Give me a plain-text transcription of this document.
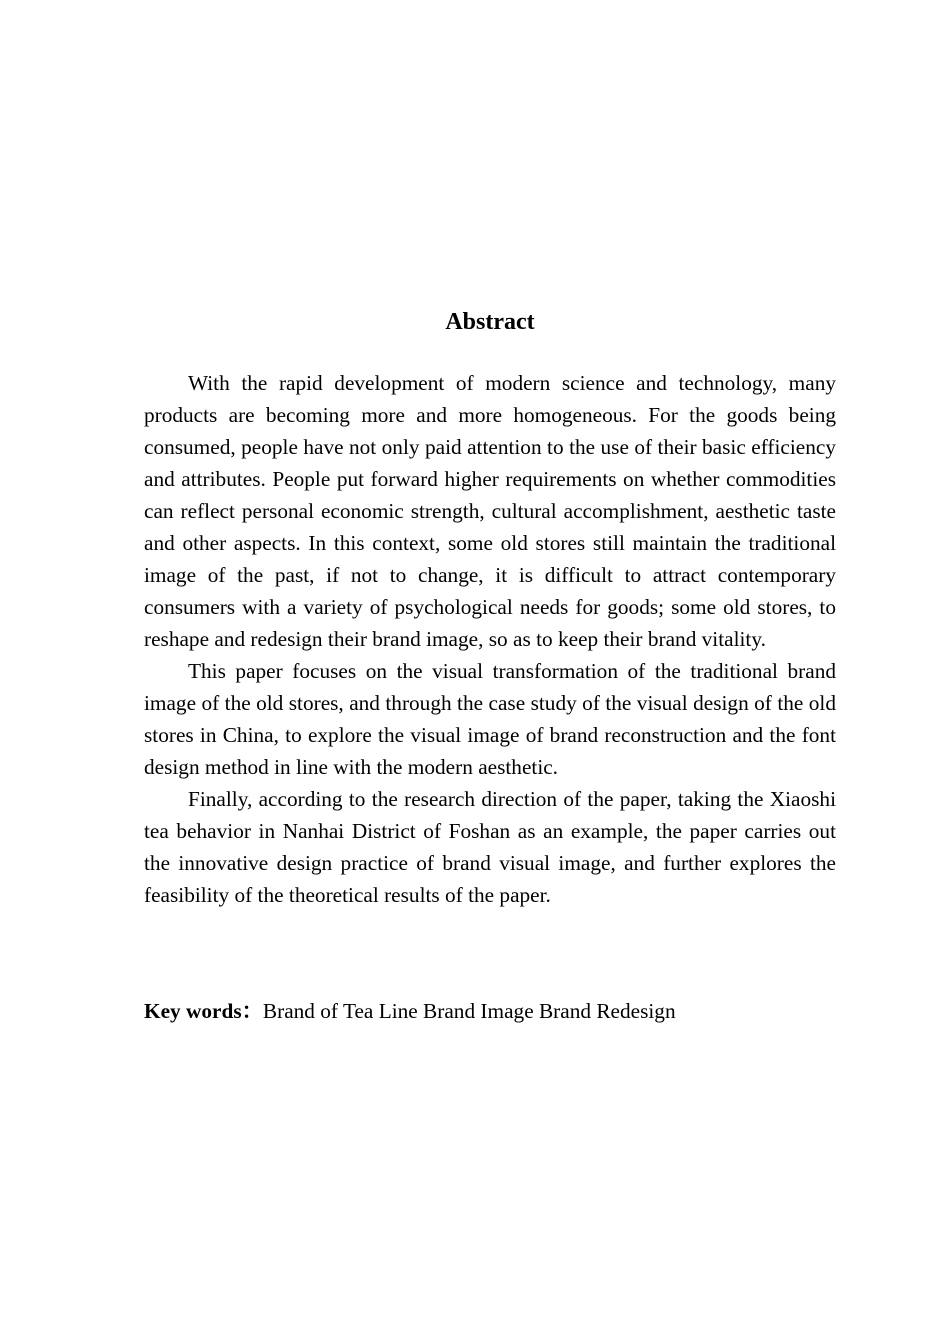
Abstract

With the rapid development of modern science and technology, many products are becoming more and more homogeneous. For the goods being consumed, people have not only paid attention to the use of their basic efficiency and attributes. People put forward higher requirements on whether commodities can reflect personal economic strength, cultural accomplishment, aesthetic taste and other aspects. In this context, some old stores still maintain the traditional image of the past, if not to change, it is difficult to attract contemporary consumers with a variety of psychological needs for goods; some old stores, to reshape and redesign their brand image, so as to keep their brand vitality.

This paper focuses on the visual transformation of the traditional brand image of the old stores, and through the case study of the visual design of the old stores in China, to explore the visual image of brand reconstruction and the font design method in line with the modern aesthetic.

Finally, according to the research direction of the paper, taking the Xiaoshi tea behavior in Nanhai District of Foshan as an example, the paper carries out the innovative design practice of brand visual image, and further explores the feasibility of the theoretical results of the paper.

Key words：Brand of Tea Line Brand Image Brand Redesign
